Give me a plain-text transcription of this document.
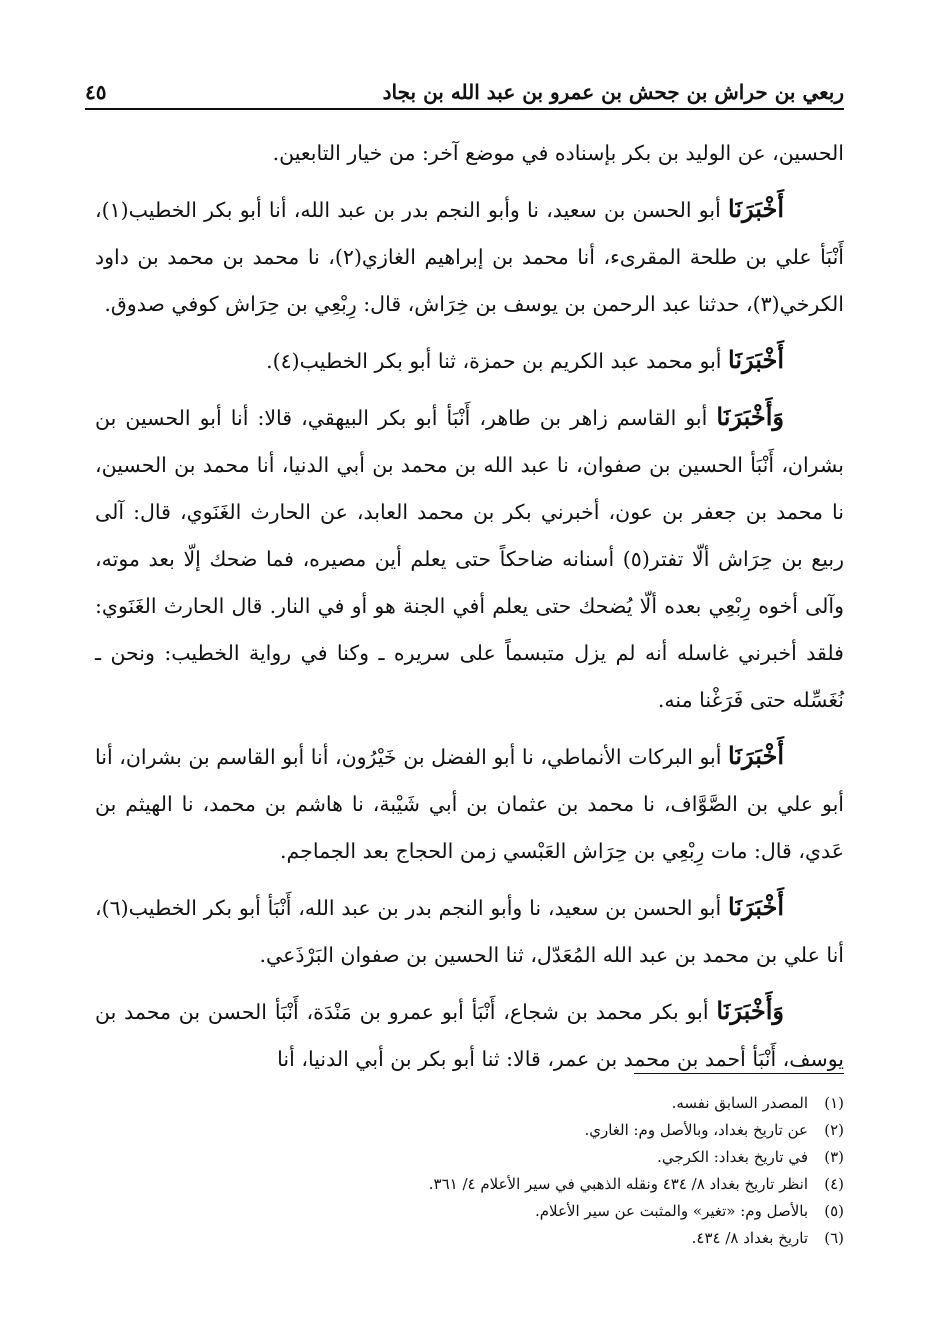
ربعي بن حراش بن جحش بن عمرو بن عبد الله بن بجاد
٤٥

الحسين، عن الوليد بن بكر بإسناده في موضع آخر: من خيار التابعين.

أَخْبَرَنَا أبو الحسن بن سعيد، نا وأبو النجم بدر بن عبد الله، أنا أبو بكر الخطيب(١)، أَنْبَأ علي بن طلحة المقرىء، أنا محمد بن إبراهيم الغازي(٢)، نا محمد بن محمد بن داود الكرخي(٣)، حدثنا عبد الرحمن بن يوسف بن خِرَاش، قال: رِبْعِي بن حِرَاش كوفي صدوق.

أَخْبَرَنَا أبو محمد عبد الكريم بن حمزة، ثنا أبو بكر الخطيب(٤).

وَأَخْبَرَنَا أبو القاسم زاهر بن طاهر، أَنْبَأ أبو بكر البيهقي، قالا: أنا أبو الحسين بن بشران، أَنْبَأ الحسين بن صفوان، نا عبد الله بن محمد بن أبي الدنيا، أنا محمد بن الحسين، نا محمد بن جعفر بن عون، أخبرني بكر بن محمد العابد، عن الحارث الغَنَوي، قال: آلى ربيع بن حِرَاش ألّا تفتر(٥) أسنانه ضاحكاً حتى يعلم أين مصيره، فما ضحك إلّا بعد موته، وآلى أخوه رِبْعِي بعده ألّا يُضحك حتى يعلم أفي الجنة هو أو في النار. قال الحارث الغَنَوي: فلقد أخبرني غاسله أنه لم يزل متبسماً على سريره ـ وكنا في رواية الخطيب: ونحن ـ نُغَسِّله حتى فَرَغْنا منه.

أَخْبَرَنَا أبو البركات الأنماطي، نا أبو الفضل بن خَيْرُون، أنا أبو القاسم بن بشران، أنا أبو علي بن الصَّوَّاف، نا محمد بن عثمان بن أبي شَيْبة، نا هاشم بن محمد، نا الهيثم بن عَدي، قال: مات رِبْعِي بن حِرَاش العَبْسي زمن الحجاج بعد الجماجم.

أَخْبَرَنَا أبو الحسن بن سعيد، نا وأبو النجم بدر بن عبد الله، أَنْبَأ أبو بكر الخطيب(٦)، أنا علي بن محمد بن عبد الله المُعَدّل، ثنا الحسين بن صفوان البَرْذَعي.

وَأَخْبَرَنَا أبو بكر محمد بن شجاع، أَنْبَأ أبو عمرو بن مَنْدَة، أَنْبَأ الحسن بن محمد بن يوسف، أَنْبَأ أحمد بن محمد بن عمر، قالا: ثنا أبو بكر بن أبي الدنيا، أنا

(١)
المصدر السابق نفسه.
(٢)
عن تاريخ بغداد، وبالأصل وم: الغاري.
(٣)
في تاريخ بغداد: الكرجي.
(٤)
انظر تاريخ بغداد ٨/ ٤٣٤ ونقله الذهبي في سير الأعلام ٤/ ٣٦١.
(٥)
بالأصل وم: «تغير» والمثبت عن سير الأعلام.
(٦)
تاريخ بغداد ٨/ ٤٣٤.
